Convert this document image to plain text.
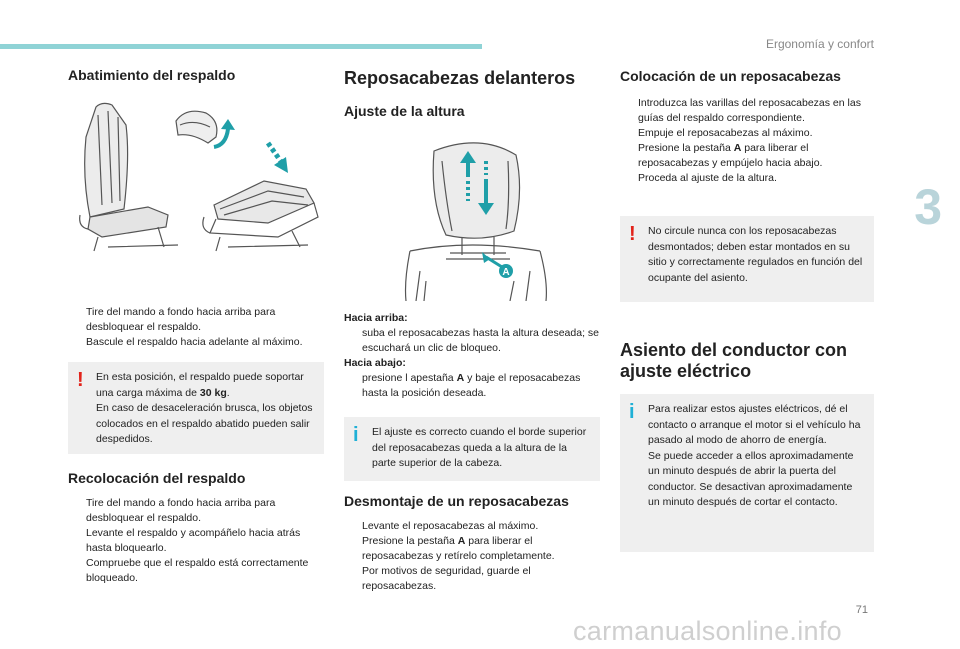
Ergonomía y confort
3
Abatimiento del respaldo
Tire del mando a fondo hacia arriba para desbloquear el respaldo.
Bascule el respaldo hacia adelante al máximo.
! En esta posición, el respaldo puede soportar una carga máxima de 30 kg.
En caso de desaceleración brusca, los objetos colocados en el respaldo abatido pueden salir despedidos.
Recolocación del respaldo
Tire del mando a fondo hacia arriba para desbloquear el respaldo.
Levante el respaldo y acompáñelo hacia atrás hasta bloquearlo.
Compruebe que el respaldo está correctamente bloqueado.
Reposacabezas delanteros
Ajuste de la altura
A
Hacia arriba:
suba el reposacabezas hasta la altura deseada; se escuchará un clic de bloqueo.
Hacia abajo:
presione l apestaña A y baje el reposacabezas hasta la posición deseada.
i El ajuste es correcto cuando el borde superior del reposacabezas queda a la altura de la parte superior de la cabeza.
Desmontaje de un reposacabezas
Levante el reposacabezas al máximo.
Presione la pestaña A para liberar el reposacabezas y retírelo completamente.
Por motivos de seguridad, guarde el reposacabezas.
Colocación de un reposacabezas
Introduzca las varillas del reposacabezas en las guías del respaldo correspondiente.
Empuje el reposacabezas al máximo.
Presione la pestaña A para liberar el reposacabezas y empújelo hacia abajo.
Proceda al ajuste de la altura.
! No circule nunca con los reposacabezas desmontados; deben estar montados en su sitio y correctamente regulados en función del ocupante del asiento.
Asiento del conductor con ajuste eléctrico
i Para realizar estos ajustes eléctricos, dé el contacto o arranque el motor si el vehículo ha pasado al modo de ahorro de energía.
Se puede acceder a ellos aproximadamente un minuto después de abrir la puerta del conductor. Se desactivan aproximadamente un minuto después de cortar el contacto.
71
carmanualsonline.info
